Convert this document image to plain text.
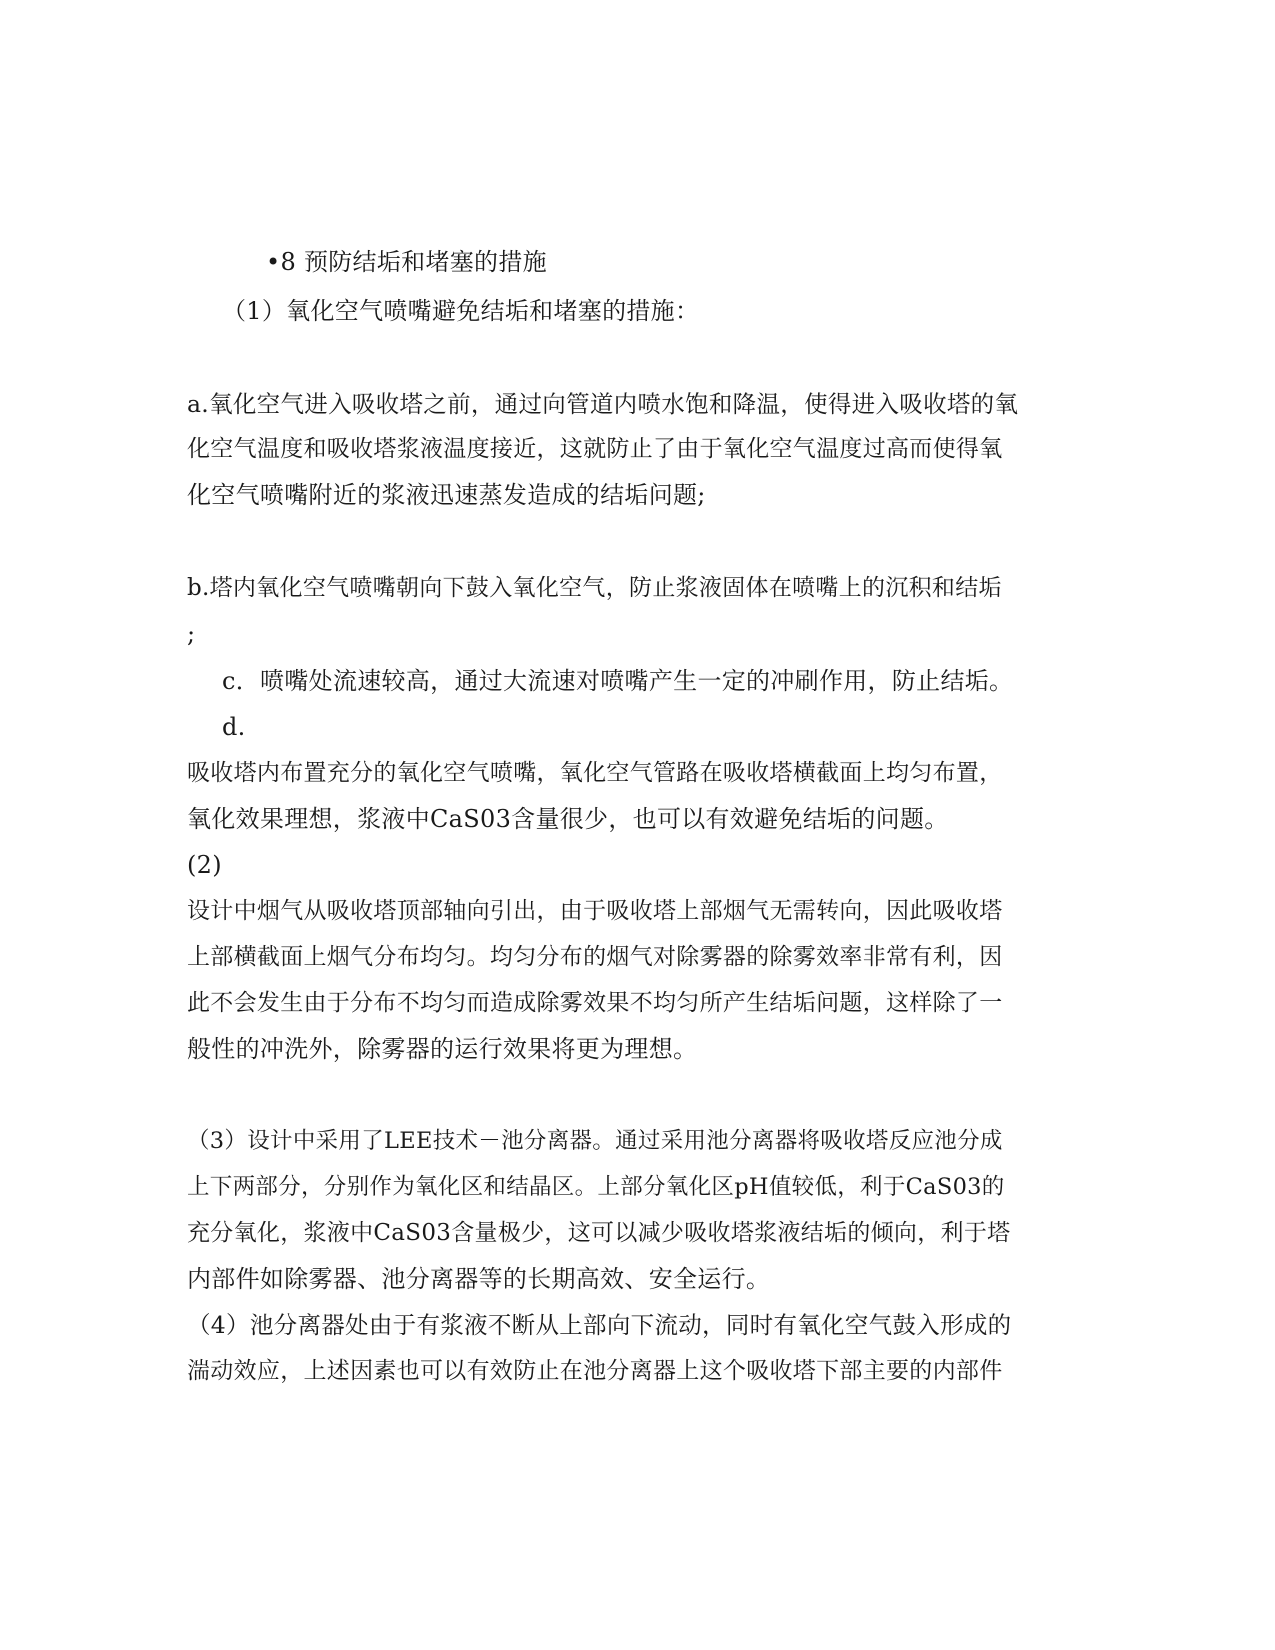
•8 预防结垢和堵塞的措施
（1）氧化空气喷嘴避免结垢和堵塞的措施：
a.氧化空气进入吸收塔之前，通过向管道内喷水饱和降温，使得进入吸收塔的氧
化空气温度和吸收塔浆液温度接近，这就防止了由于氧化空气温度过高而使得氧
化空气喷嘴附近的浆液迅速蒸发造成的结垢问题;
b.塔内氧化空气喷嘴朝向下鼓入氧化空气，防止浆液固体在喷嘴上的沉积和结垢
;
c．喷嘴处流速较高，通过大流速对喷嘴产生一定的冲刷作用，防止结垢。
d.
吸收塔内布置充分的氧化空气喷嘴，氧化空气管路在吸收塔横截面上均匀布置，
氧化效果理想，浆液中CaS03含量很少，也可以有效避免结垢的问题。
(2)
设计中烟气从吸收塔顶部轴向引出，由于吸收塔上部烟气无需转向，因此吸收塔
上部横截面上烟气分布均匀。均匀分布的烟气对除雾器的除雾效率非常有利，因
此不会发生由于分布不均匀而造成除雾效果不均匀所产生结垢问题，这样除了一
般性的冲洗外，除雾器的运行效果将更为理想。
（3）设计中采用了LEE技术－池分离器。通过采用池分离器将吸收塔反应池分成
上下两部分，分别作为氧化区和结晶区。上部分氧化区pH值较低，利于CaS03的
充分氧化，浆液中CaS03含量极少，这可以减少吸收塔浆液结垢的倾向，利于塔
内部件如除雾器、池分离器等的长期高效、安全运行。
（4）池分离器处由于有浆液不断从上部向下流动，同时有氧化空气鼓入形成的
湍动效应，上述因素也可以有效防止在池分离器上这个吸收塔下部主要的内部件
